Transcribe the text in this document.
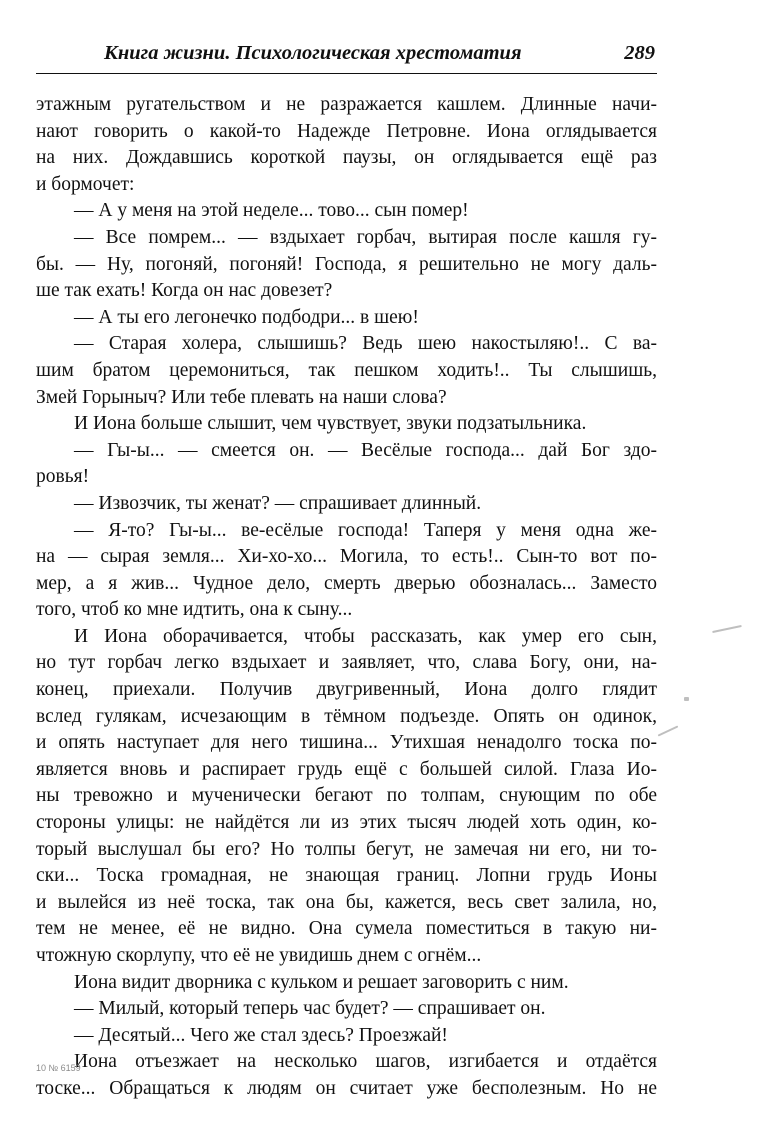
Книга жизни. Психологическая хрестоматия	289
этажным ругательством и не разражается кашлем. Длинные начи-
нают говорить о какой-то Надежде Петровне. Иона оглядывается
на них. Дождавшись короткой паузы, он оглядывается ещё раз
и бормочет:
— А у меня на этой неделе... тово... сын помер!
— Все помрем... — вздыхает горбач, вытирая после кашля гу-
бы. — Ну, погоняй, погоняй! Господа, я решительно не могу даль-
ше так ехать! Когда он нас довезет?
— А ты его легонечко подбодри... в шею!
— Старая холера, слышишь? Ведь шею накостыляю!.. С ва-
шим братом церемониться, так пешком ходить!.. Ты слышишь,
Змей Горыныч? Или тебе плевать на наши слова?
И Иона больше слышит, чем чувствует, звуки подзатыльника.
— Гы-ы... — смеется он. — Весёлые господа... дай Бог здо-
ровья!
— Извозчик, ты женат? — спрашивает длинный.
— Я-то? Гы-ы... ве-есёлые господа! Таперя у меня одна же-
на — сырая земля... Хи-хо-хо... Могила, то есть!.. Сын-то вот по-
мер, а я жив... Чудное дело, смерть дверью обозналась... Заместо
того, чтоб ко мне идтить, она к сыну...
И Иона оборачивается, чтобы рассказать, как умер его сын,
но тут горбач легко вздыхает и заявляет, что, слава Богу, они, на-
конец, приехали. Получив двугривенный, Иона долго глядит
вслед гулякам, исчезающим в тёмном подъезде. Опять он одинок,
и опять наступает для него тишина... Утихшая ненадолго тоска по-
является вновь и распирает грудь ещё с большей силой. Глаза Ио-
ны тревожно и мученически бегают по толпам, снующим по обе
стороны улицы: не найдётся ли из этих тысяч людей хоть один, ко-
торый выслушал бы его? Но толпы бегут, не замечая ни его, ни то-
ски... Тоска громадная, не знающая границ. Лопни грудь Ионы
и вылейся из неё тоска, так она бы, кажется, весь свет залила, но,
тем не менее, её не видно. Она сумела поместиться в такую ни-
чтожную скорлупу, что её не увидишь днем с огнём...
Иона видит дворника с кульком и решает заговорить с ним.
— Милый, который теперь час будет? — спрашивает он.
— Десятый... Чего же стал здесь? Проезжай!
Иона отъезжает на несколько шагов, изгибается и отдаётся
тоске... Обращаться к людям он считает уже бесполезным. Но не
10 № 6159
